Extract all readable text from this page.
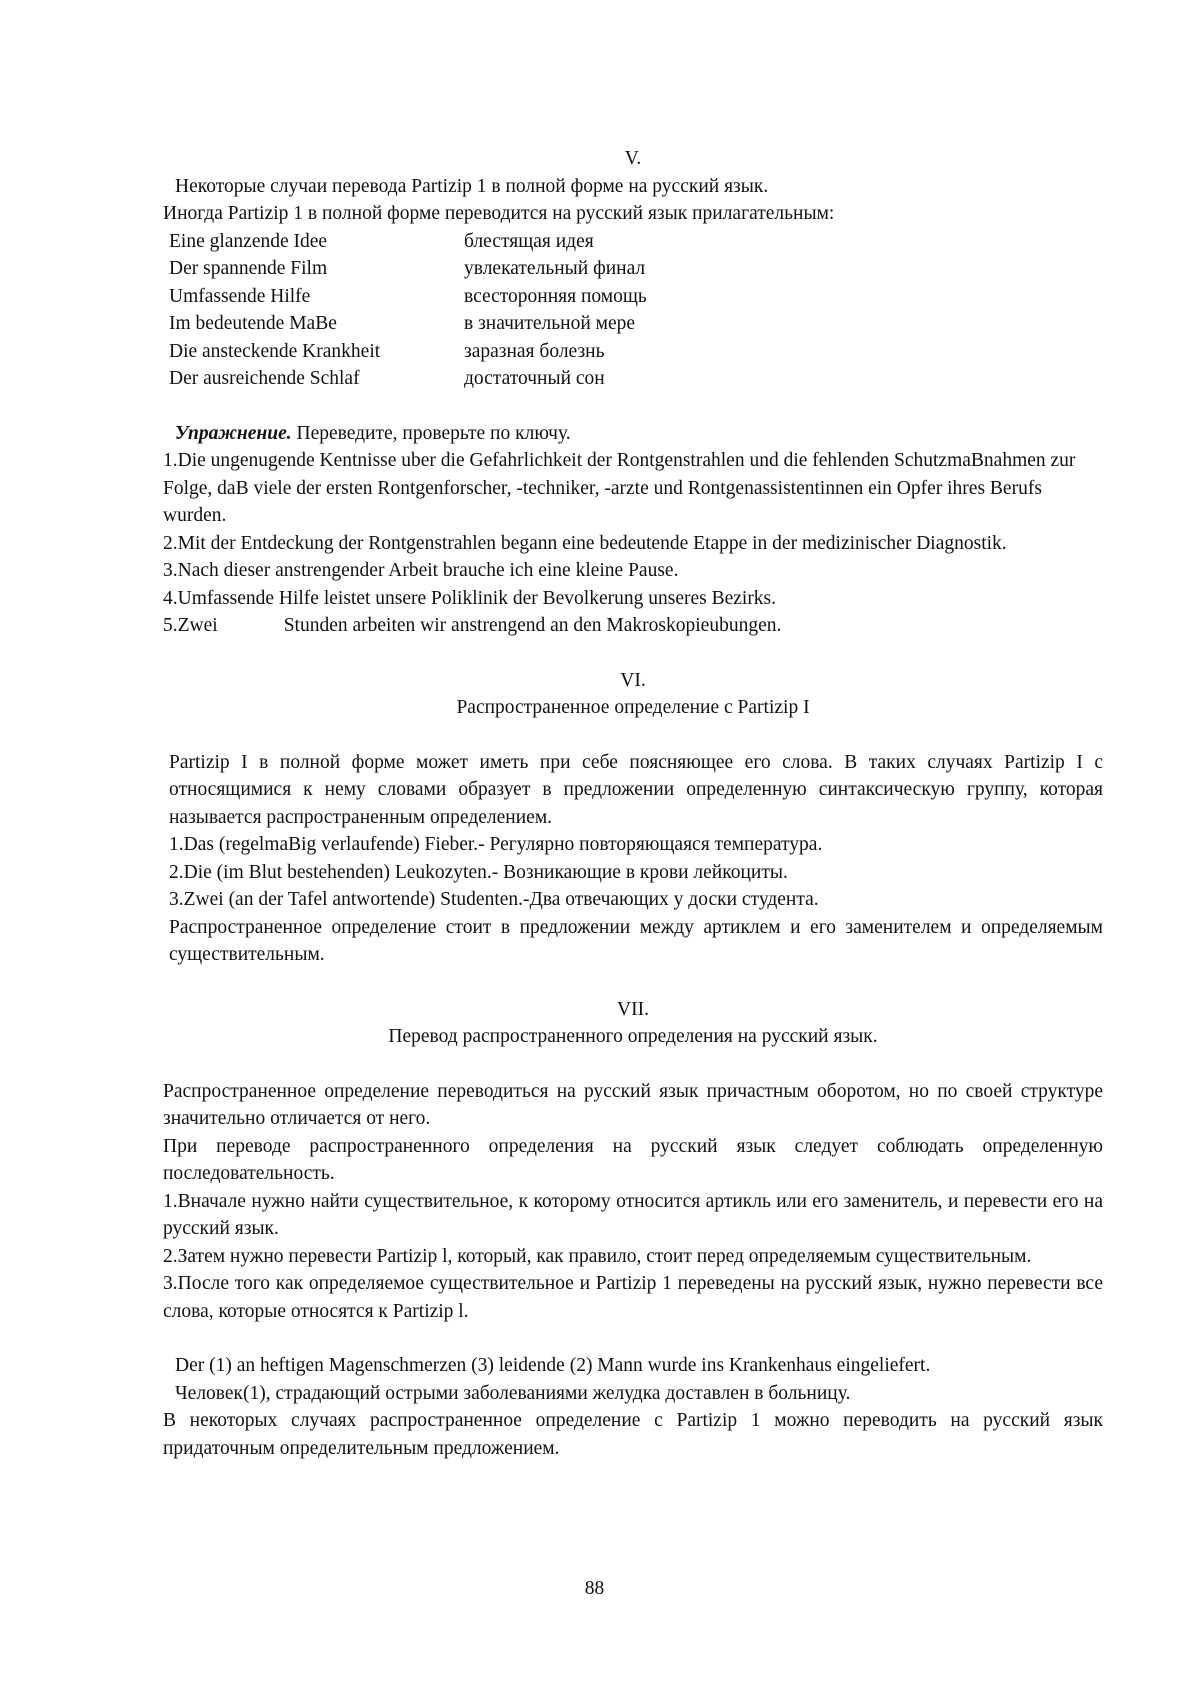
V.

Некоторые случаи перевода Partizip 1 в полной форме на русский язык.

Иногда Partizip 1 в полной форме переводится на русский язык прилагательным:

Eine glanzende Idee	блестящая идея
Der spannende Film	увлекательный финал
Umfassende Hilfe	всесторонняя помощь
Im bedeutende MaBe	в значительной мере
Die ansteckende Krankheit	заразная болезнь
Der ausreichende Schlaf	достаточный сон

Упражнение. Переведите, проверьте по ключу.

1.Die ungenugende Kentnisse uber die Gefahrlichkeit der Rontgenstrahlen und die fehlenden SchutzmaBnahmen zur Folge, daB viele der ersten Rontgenforscher, -techniker, -arzte und Rontgenassistentinnen ein Opfer ihres Berufs wurden.

2.Mit der Entdeckung der Rontgenstrahlen begann eine bedeutende Etappe in der medizinischer Diagnostik.

3.Nach dieser anstrengender Arbeit brauche ich eine kleine Pause.

4.Umfassende Hilfe leistet unsere Poliklinik der Bevolkerung unseres Bezirks.

5.Zwei	Stunden arbeiten wir anstrengend an den Makroskopieubungen.

VI.

Распространенное определение с Partizip I

Partizip I в полной форме может иметь при себе поясняющее его слова. В таких случаях Partizip I с относящимися к нему словами образует в предложении определенную синтаксическую группу, которая называется распространенным определением.

1.Das (regelmaBig verlaufende) Fieber.- Регулярно повторяющаяся температура.

2.Die (im Blut bestehenden) Leukozyten.- Возникающие в крови лейкоциты.

3.Zwei (an der Tafel antwortende) Studenten.-Два отвечающих у доски студента.

Распространенное определение стоит в предложении между артиклем и его заменителем и определяемым существительным.

VII.

Перевод распространенного определения на русский язык.

Распространенное определение переводиться на русский язык причастным оборотом, но по своей структуре значительно отличается от него.

При переводе распространенного определения на русский язык следует соблюдать определенную последовательность.

1.Вначале нужно найти существительное, к которому относится артикль или его заменитель, и перевести его на русский язык.

2.Затем нужно перевести Partizip l, который, как правило, стоит перед определяемым существительным.

3.После того как определяемое существительное и Partizip 1 переведены на русский язык, нужно перевести все слова, которые относятся к Partizip l.

Der (1) an heftigen Magenschmerzen (3) leidende (2) Mann wurde ins Krankenhaus eingeliefert.

Человек(1), страдающий острыми заболеваниями желудка доставлен в больницу.

В некоторых случаях распространенное определение с Partizip 1 можно переводить на русский язык придаточным определительным предложением.

88
